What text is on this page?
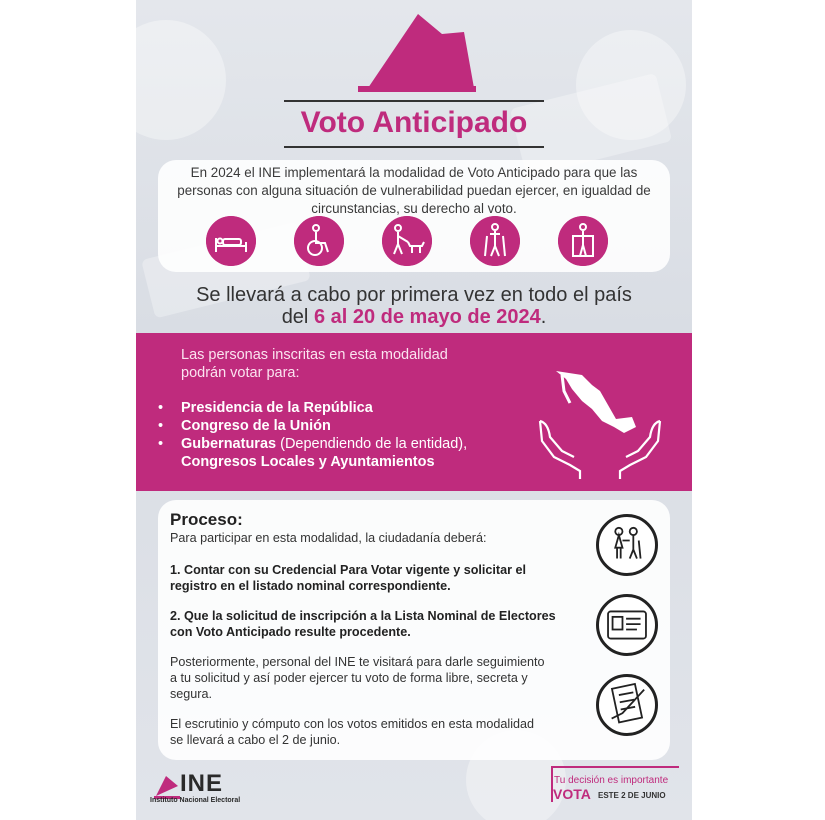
Voto Anticipado
En 2024 el INE implementará la modalidad de Voto Anticipado para que las personas con alguna situación de vulnerabilidad puedan ejercer, en igualdad de circunstancias, su derecho al voto.
Se llevará a cabo por primera vez en todo el país
del 6 al 20 de mayo de 2024.
Las personas inscritas en esta modalidad podrán votar para:
• Presidencia de la República
• Congreso de la Unión
• Gubernaturas (Dependiendo de la entidad),
Congresos Locales y Ayuntamientos
Proceso:
Para participar en esta modalidad, la ciudadanía deberá:
1. Contar con su Credencial Para Votar vigente y solicitar el registro en el listado nominal correspondiente.
2. Que la solicitud de inscripción a la Lista Nominal de Electores con Voto Anticipado resulte procedente.
Posteriormente, personal del INE te visitará para darle seguimiento a tu solicitud y así poder ejercer tu voto de forma libre, secreta y segura.
El escrutinio y cómputo con los votos emitidos en esta modalidad se llevará a cabo el 2 de junio.
INE
Instituto Nacional Electoral
Tu decisión es importante
VOTA ESTE 2 DE JUNIO
